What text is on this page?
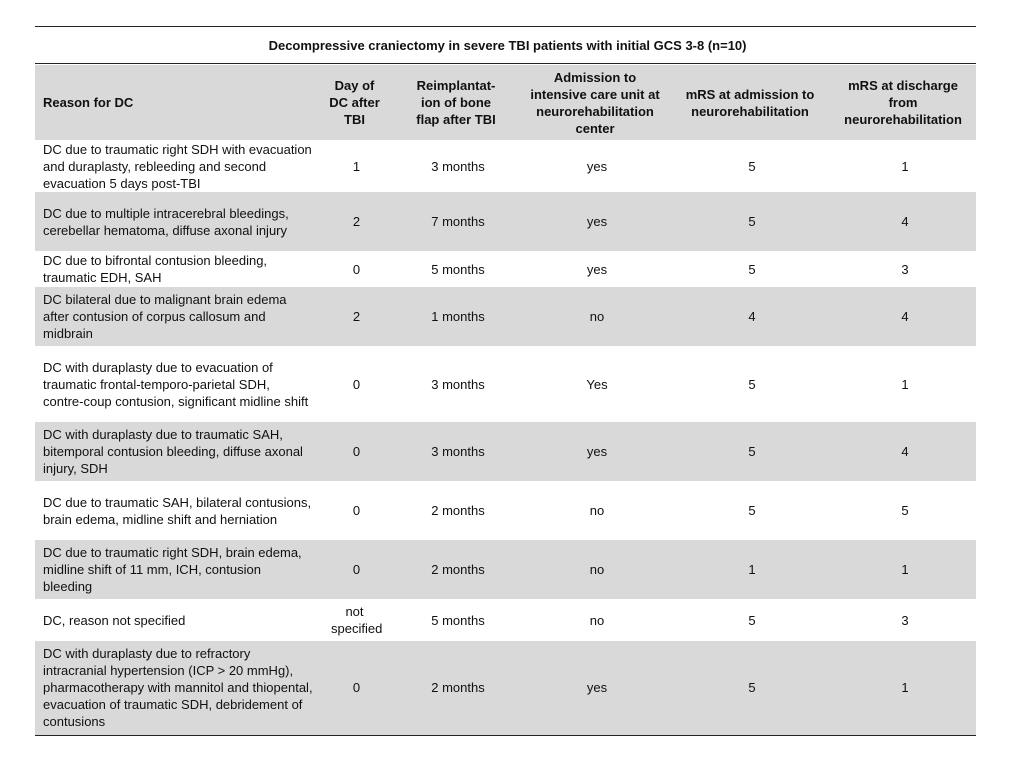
Decompressive craniectomy in severe TBI patients with initial GCS 3-8 (n=10)					

Reason for DC	Day of DC after TBI	Reimplantat-ion of bone flap after TBI	Admission to intensive care unit at neurorehabilitation center	mRS at admission to neurorehabilitation	mRS at discharge from neurorehabilitation
DC due to traumatic right SDH with evacuation and duraplasty, rebleeding and second evacuation 5 days post-TBI	1	3 months	yes	5	1
DC due to multiple intracerebral bleedings, cerebellar hematoma, diffuse axonal injury	2	7 months	yes	5	4
DC due to bifrontal contusion bleeding, traumatic EDH, SAH	0	5 months	yes	5	3
DC bilateral due to malignant brain edema after contusion of corpus callosum and midbrain	2	1 months	no	4	4
DC with duraplasty due to evacuation of traumatic frontal-temporo-parietal SDH, contre-coup contusion, significant midline shift	0	3 months	Yes	5	1
DC with duraplasty due to traumatic SAH, bitemporal contusion bleeding, diffuse axonal injury, SDH	0	3 months	yes	5	4
DC due to traumatic SAH, bilateral contusions, brain edema, midline shift and herniation	0	2 months	no	5	5
DC due to traumatic right SDH, brain edema, midline shift of 11 mm, ICH, contusion bleeding	0	2 months	no	1	1
DC, reason not specified	not specified	5 months	no	5	3
DC with duraplasty due to refractory intracranial hypertension (ICP > 20 mmHg), pharmacotherapy with mannitol and thiopental, evacuation of traumatic SDH, debridement of contusions	0	2 months	yes	5	1
